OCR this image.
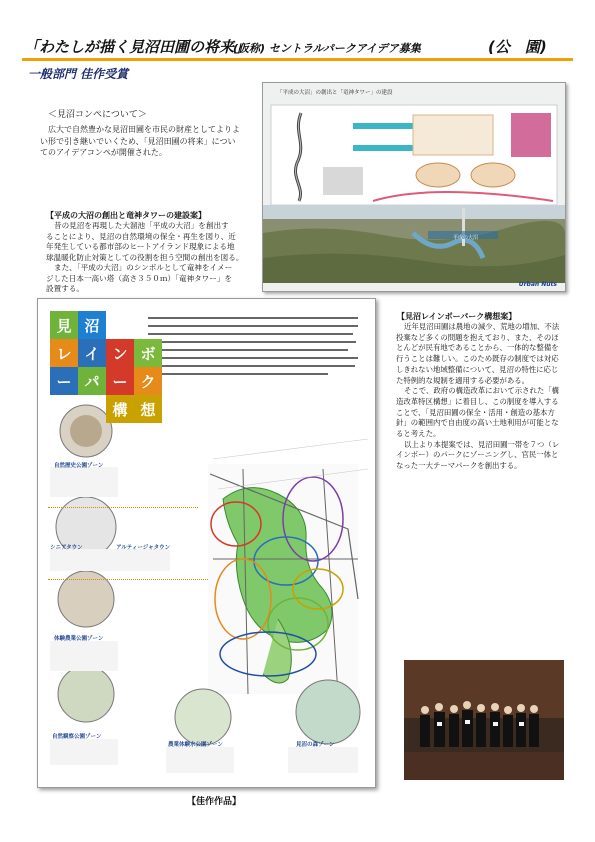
「わたしが描く見沼田圃の将来」
(仮称) セントラルパークアイデア募集	(公　園)
一般部門 佳作受賞
＜見沼コンペについて＞
広大で自然豊かな見沼田圃を市民の財産としてよりよ
い形で引き継いでいくため、「見沼田圃の将来」につい
てのアイデアコンペが開催された。
【平成の大沼の創出と竜神タワーの建設案】
昔の見沼を再現した大溜池「平成の大沼」を創出す
ることにより、見沼の自然環境の保全・再生を図り、近
年発生している都市部のヒートアイランド現象による地
球温暖化防止対策としての役割を担う空間の創出を図る。
また、「平成の大沼」のシンボルとして竜神をイメー
ジした日本一高い塔（高さ３５０ｍ）「竜神タワー」を
設置する。
「平成の大沼」の創出と「竜神タワー」の建設
平成の大沼
Urban Nuts
見 沼
レ イ ン ボ
ー パ ー ク
構 想
自然歴史公園ゾーン
シニアタウン	アルティージャタウン
体験農業公園ゾーン
自然観察公園ゾーン
農業体験水公園ゾーン	見沼の森ゾーン
【佳作作品】
【見沼レインボーパーク構想案】
近年見沼田圃は農地の減少、荒地の増加、不法
投棄など多くの問題を抱えており、また、そのほ
とんどが民有地であることから、一体的な整備を
行うことは難しい。このため既存の制度では対応
しきれない地域整備について、見沼の特性に応じ
た特例的な規制を適用する必要がある。
そこで、政府の構造改革において示された「構
造改革特区構想」に着目し、この制度を導入する
ことで、「見沼田圃の保全・活用・創造の基本方
針」の範囲内で自由度の高い土地利用が可能とな
ると考えた。
以上より本提案では、見沼田圃一帯を７つ（レ
インボー）のパークにゾーニングし、官民一体と
なった一大テーマパークを創出する。
